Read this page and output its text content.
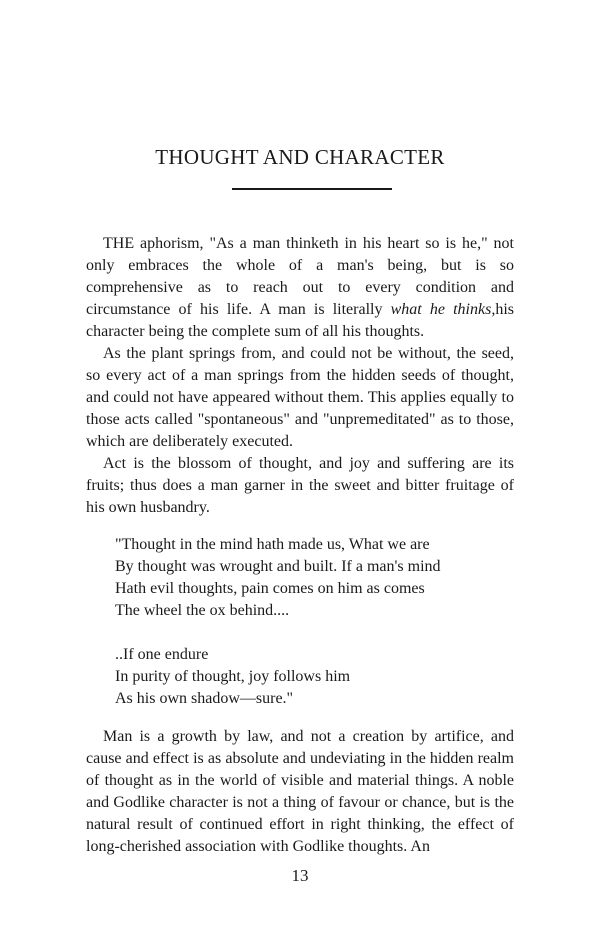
THOUGHT AND CHARACTER

THE aphorism, "As a man thinketh in his heart so is he," not only embraces the whole of a man's being, but is so comprehensive as to reach out to every condition and circumstance of his life. A man is literally what he thinks,his character being the complete sum of all his thoughts.

As the plant springs from, and could not be without, the seed, so every act of a man springs from the hidden seeds of thought, and could not have appeared without them. This applies equally to those acts called "spontaneous" and "unpremeditated" as to those, which are deliberately executed.

Act is the blossom of thought, and joy and suffering are its fruits; thus does a man garner in the sweet and bitter fruitage of his own husbandry.

"Thought in the mind hath made us, What we are
By thought was wrought and built. If a man's mind
Hath evil thoughts, pain comes on him as comes
The wheel the ox behind....
..If one endure
In purity of thought, joy follows him
As his own shadow—sure."

Man is a growth by law, and not a creation by artifice, and cause and effect is as absolute and undeviating in the hidden realm of thought as in the world of visible and material things. A noble and Godlike character is not a thing of favour or chance, but is the natural result of continued effort in right thinking, the effect of long-cherished association with Godlike thoughts. An

13
